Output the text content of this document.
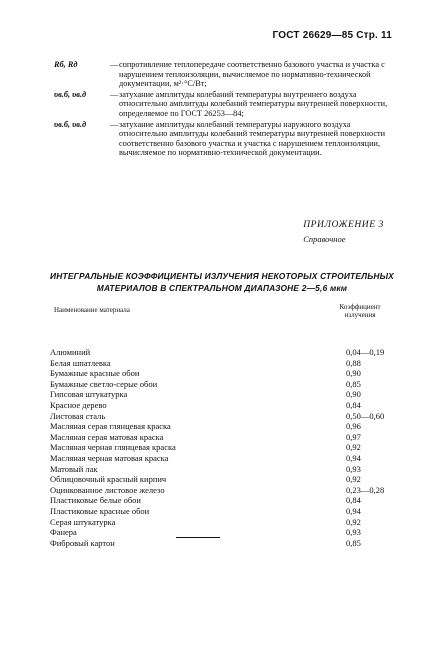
ГОСТ 26629—85 Стр. 11
Rб, Rд	— сопротивление теплопередаче соответственно базового участка и участка с нарушением теплоизоляции, вычисляемое по нормативно-технической документации, м²·°С/Вт;
υв.б, υв.д	— затухание амплитуды колебаний температуры внутреннего воздуха относительно амплитуды колебаний температуры внутренней поверхности, определяемое по ГОСТ 26253—84;
υв.б, υв.д	— затухание амплитуды колебаний температуры наружного воздуха относительно амплитуды колебаний температуры внутренней поверхности соответственно базового участка и участка с нарушением теплоизоляции, вычисляемое по нормативно-технической документации.
ПРИЛОЖЕНИЕ 3
Справочное
ИНТЕГРАЛЬНЫЕ КОЭФФИЦИЕНТЫ ИЗЛУЧЕНИЯ НЕКОТОРЫХ СТРОИТЕЛЬНЫХ МАТЕРИАЛОВ В СПЕКТРАЛЬНОМ ДИАПАЗОНЕ 2—5,6 мкм
Наименование материала	Коэффициент излучения
Алюминий	0,04—0,19
Белая шпатлевка	0,88
Бумажные красные обои	0,90
Бумажные светло-серые обои	0,85
Гипсовая штукатурка	0,90
Красное дерево	0,84
Листовая сталь	0,50—0,60
Масляная серая глянцевая краска	0,96
Масляная серая матовая краска	0,97
Масляная черная глянцевая краска	0,92
Масляная черная матовая краска	0,94
Матовый лак	0,93
Облицовочный красный кирпич	0,92
Оцинкованное листовое железо	0,23—0,28
Пластиковые белые обои	0,84
Пластиковые красные обои	0,94
Серая штукатурка	0,92
Фанера	0,93
Фибровый картон	0,85
